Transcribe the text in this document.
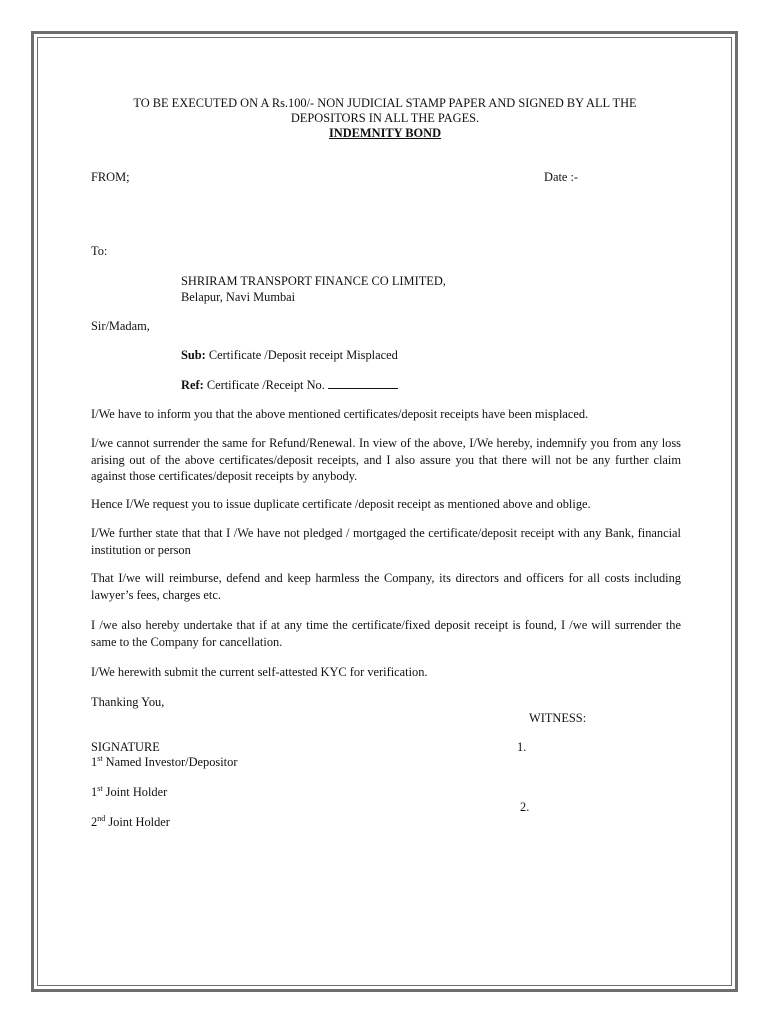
TO BE EXECUTED ON A Rs.100/- NON JUDICIAL STAMP PAPER AND SIGNED BY ALL THE
DEPOSITORS IN ALL THE PAGES.
INDEMNITY BOND
FROM;	Date :-
To:
SHRIRAM TRANSPORT FINANCE CO LIMITED,
Belapur, Navi Mumbai
Sir/Madam,
Sub: Certificate /Deposit receipt Misplaced
Ref: Certificate /Receipt No.
I/We have to inform you that the above mentioned certificates/deposit receipts have been misplaced.
I/we cannot surrender the same for Refund/Renewal. In view of the above, I/We hereby, indemnify you from any loss arising out of the above certificates/deposit receipts, and I also assure you that there will not be any further claim against those certificates/deposit receipts by anybody.
Hence I/We request you to issue duplicate certificate /deposit receipt as mentioned above and oblige.
I/We further state that that I /We have not pledged / mortgaged the certificate/deposit receipt with any Bank, financial institution or person
That I/we will reimburse, defend and keep harmless the Company, its directors and officers for all costs including lawyer’s fees, charges etc.
I /we also hereby undertake that if at any time the certificate/fixed deposit receipt is found, I /we will surrender the same to the Company for cancellation.
I/We herewith submit the current self-attested KYC for verification.
Thanking You,
WITNESS:
SIGNATURE	1.
1st Named Investor/Depositor
1st Joint Holder
2.
2nd Joint Holder
